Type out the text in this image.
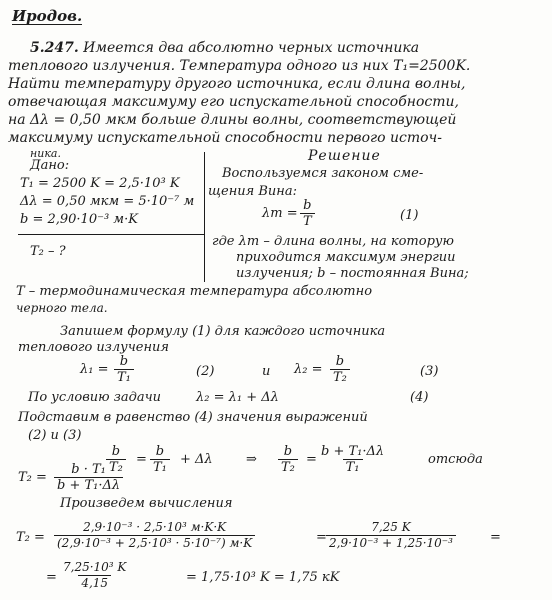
Иродов.
5.247. Имеется два абсолютно черных источника
теплового излучения. Температура одного из них T₁=2500K.
Найти температуру другого источника, если длина волны,
отвечающая максимуму его испускательной способности,
на Δλ = 0,50 мкм больше длины волны, соответствующей
максимуму испускательной способности первого источ-
ника.
Дано:
T₁ = 2500 K = 2,5·10³ K
Δλ = 0,50 мкм = 5·10⁻⁷ м
b = 2,90·10⁻³ м·K
T₂ – ?
Решение
Воспользуемся законом сме-
щения Вина:
$\lambda m = \frac{b}{T}$	(1)
где λm – длина волны, на которую
приходится максимум энергии
излучения; b – постоянная Вина;
T – термодинамическая температура абсолютно
черного тела.
Запишем формулу (1) для каждого источника
теплового излучения
$\lambda_1 = \frac{b}{\text{T₁}}$	(2)	и $\lambda_2 = \frac{b}{\text{T₂}}$	(3)
По условию задачи	λ₂ = λ₁ + Δλ	(4)
Подставим в равенство (4) значения выражений
(2) и (3)
$\frac{b}{\text{T₂}} = \frac{b}{\text{T₁}} + \Delta\lambda$	⇒ $\frac{b}{\text{T₂}} = \frac{\text{b + T₁·Δλ}}{\text{T₁}}$	отсюда
$T_2 = \frac{\text{b · T₁}}{\text{b + T₁·Δλ}}$
Произведем вычисления
T₂ =
2,9·10⁻³ · 2,5·10³ м·K·K
(2,9·10⁻³ + 2,5·10³ · 5·10⁻⁷) м·K	= $\frac{7,25 K}{\text{2,9·10⁻³ + 1,25·10⁻³}}$	=
= $\frac{\text{7,25·10³ K}}{4,15}$	= 1,75·10³ K = 1,75 кK
